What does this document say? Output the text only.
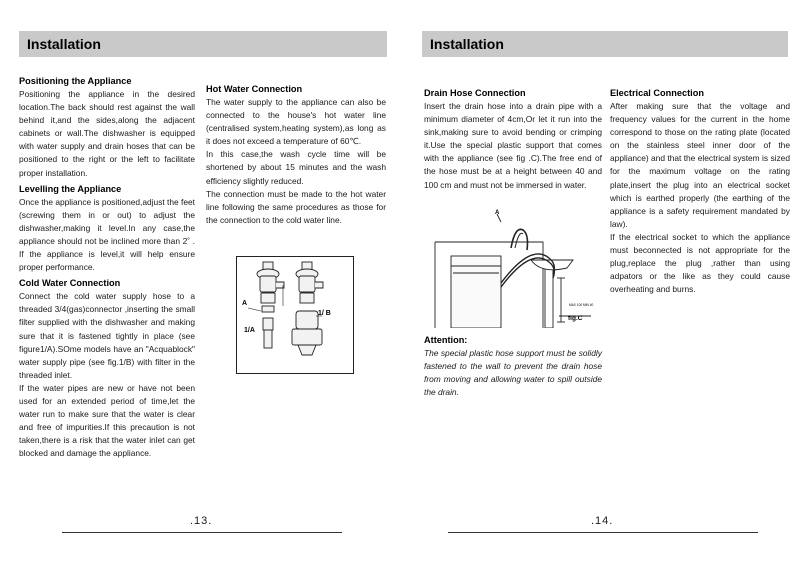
Installation
Positioning the Appliance

Positioning the appliance in the desired location.The back should rest against the wall behind it,and the sides,along the adjacent cabinets or wall.The dishwasher is equipped with water supply and drain hoses that can be positioned to the right or the left to facilitate proper installation.

Levelling the Appliance

Once the appliance is positioned,adjust the feet (screwing them in or out) to adjust the dishwasher,making it level.In any case,the appliance should not be inclined more than 2˚ . If the appliance is level,it will help ensure proper performance.

Cold Water Connection

Connect the cold water supply hose to a threaded 3/4(gas)connector ,inserting the small filter supplied with the dishwasher and making sure that it is fastened tightly in place (see figure1/A).SOme models have an "Acquablock" water supply pipe (see fig.1/B) with filter in the threaded inlet.

If the water pipes are new or have not been used for an extended period of time,let the water run to make sure that the water is clear and free of impurities.If this precaution is not taken,there is a risk that the water inlet can get blocked and damage the appliance.

Hot Water Connection

The water supply to the appliance can also be connected to the house's hot water line (centralised system,heating system),as long as it does not exceed a temperature of 60℃.

In this case,the wash cycle time will be shortened by about 15 minutes and the wash efficiency slightly reduced.

The connection must be made to the hot water line following the same procedures as those for the connection to the cold water line.

A
1/A
1/ B
.13.
Installation
Drain Hose Connection

Insert the drain hose into a drain pipe with a minimum diameter of 4cm,Or let it run into the sink,making sure to avoid bending or crimping it.Use the special plastic support that comes with the appliance (see fig .C).The free end of the hose must be at a height between 40 and 100 cm and must not be immersed in water.

A
fig.C
MAX 100 MIN 40
Attention:

The special plastic hose support must be solidly fastened to the wall to prevent the drain hose from moving and allowing water to spill outside the drain.

Electrical Connection

After making sure that the voltage and frequency values for the current in the home correspond to those on the rating plate (located on the stainless steel inner door of the appliance) and that the electrical system is sized for the maximum voltage on the rating plate,insert the plug into an electrical socket which is earthed properly (the earthing of the appliance is a safety requirement mandated by law).

If the electrical socket to which the appliance must beconnected is not appropriate for the plug,replace the plug ,rather than using adpators or the like as they could cause overheating and burns.

.14.
